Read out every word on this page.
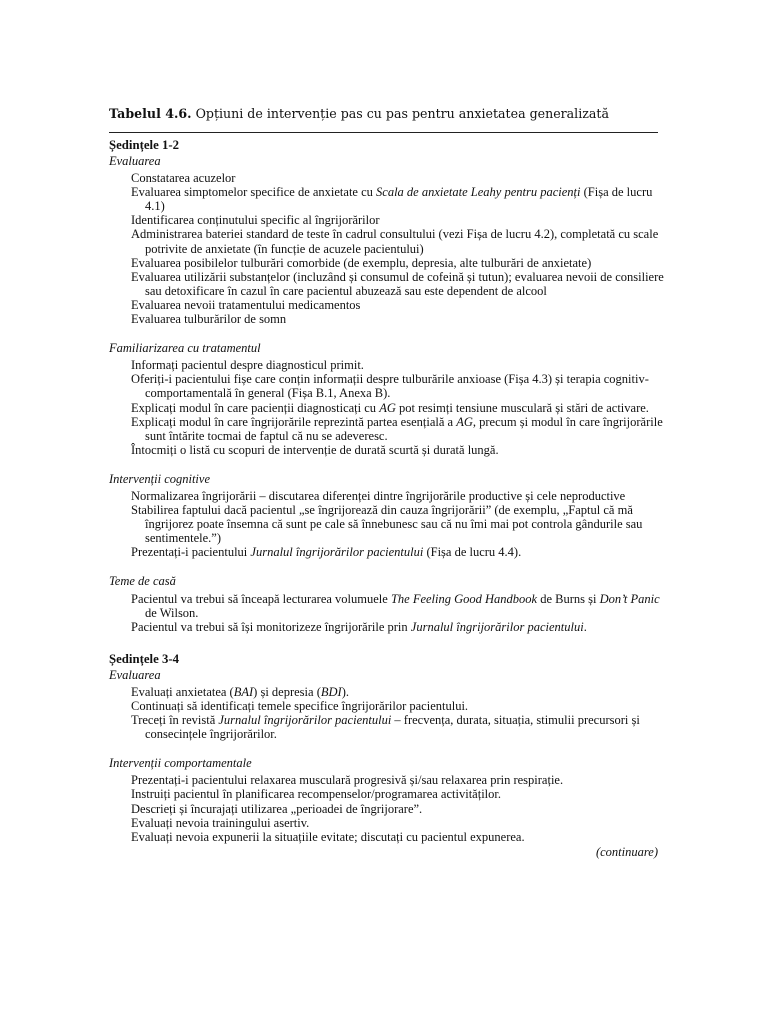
Tabelul 4.6. Opțiuni de intervenție pas cu pas pentru anxietatea generalizată
Ședințele 1-2
Evaluarea
Constatarea acuzelor
Evaluarea simptomelor specifice de anxietate cu Scala de anxietate Leahy pentru pacienți (Fișa de lucru 4.1)
Identificarea conținutului specific al îngrijorărilor
Administrarea bateriei standard de teste în cadrul consultului (vezi Fișa de lucru 4.2), completată cu scale potrivite de anxietate (în funcție de acuzele pacientului)
Evaluarea posibilelor tulburări comorbide (de exemplu, depresia, alte tulburări de anxietate)
Evaluarea utilizării substanțelor (incluzând și consumul de cofeină și tutun); evaluarea nevoii de consiliere sau detoxificare în cazul în care pacientul abuzează sau este dependent de alcool
Evaluarea nevoii tratamentului medicamentos
Evaluarea tulburărilor de somn
Familiarizarea cu tratamentul
Informați pacientul despre diagnosticul primit.
Oferiți-i pacientului fișe care conțin informații despre tulburările anxioase (Fișa 4.3) și terapia cognitiv-comportamentală în general (Fișa B.1, Anexa B).
Explicați modul în care pacienții diagnosticați cu AG pot resimți tensiune musculară și stări de activare.
Explicați modul în care îngrijorările reprezintă partea esențială a AG, precum și modul în care îngrijorările sunt întărite tocmai de faptul că nu se adeveresc.
Întocmiți o listă cu scopuri de intervenție de durată scurtă și durată lungă.
Intervenții cognitive
Normalizarea îngrijorării – discutarea diferenței dintre îngrijorările productive și cele neproductive
Stabilirea faptului dacă pacientul „se îngrijorează din cauza îngrijorării” (de exemplu, „Faptul că mă îngrijorez poate însemna că sunt pe cale să înnebunesc sau că nu îmi mai pot controla gândurile sau sentimentele.”)
Prezentați-i pacientului Jurnalul îngrijorărilor pacientului (Fișa de lucru 4.4).
Teme de casă
Pacientul va trebui să înceapă lecturarea volumuele The Feeling Good Handbook de Burns și Don’t Panic de Wilson.
Pacientul va trebui să își monitorizeze îngrijorările prin Jurnalul îngrijorărilor pacientului.
Ședințele 3-4
Evaluarea
Evaluați anxietatea (BAI) și depresia (BDI).
Continuați să identificați temele specifice îngrijorărilor pacientului.
Treceți în revistă Jurnalul îngrijorărilor pacientului – frecvența, durata, situația, stimulii precursori și consecințele îngrijorărilor.
Intervenții comportamentale
Prezentați-i pacientului relaxarea musculară progresivă și/sau relaxarea prin respirație.
Instruiți pacientul în planificarea recompenselor/programarea activităților.
Descrieți și încurajați utilizarea „perioadei de îngrijorare”.
Evaluați nevoia trainingului asertiv.
Evaluați nevoia expunerii la situațiile evitate; discutați cu pacientul expunerea.
(continuare)
